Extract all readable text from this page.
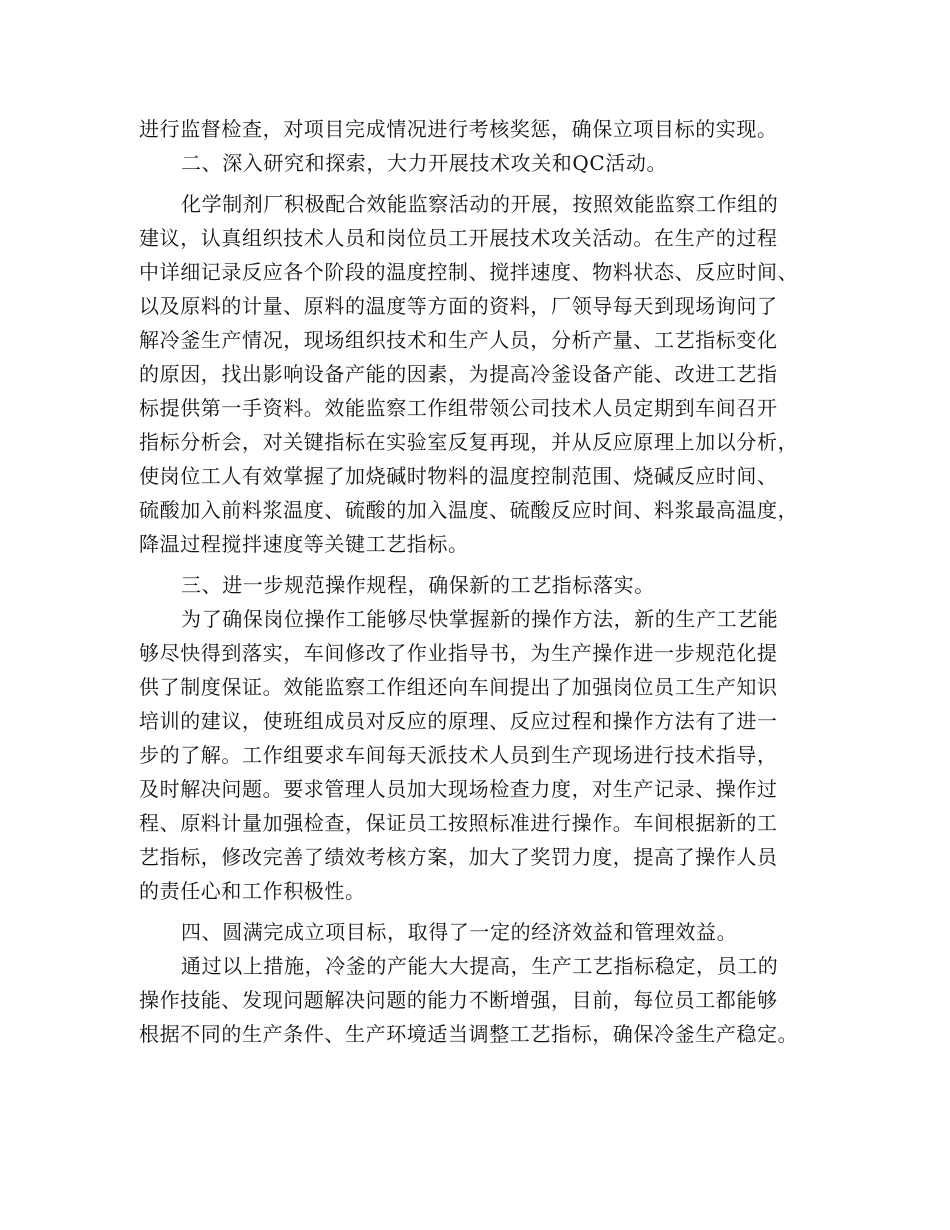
进行监督检查，对项目完成情况进行考核奖惩，确保立项目标的实现。
二、深入研究和探索，大力开展技术攻关和QC活动。
化学制剂厂积极配合效能监察活动的开展，按照效能监察工作组的
建议，认真组织技术人员和岗位员工开展技术攻关活动。在生产的过程
中详细记录反应各个阶段的温度控制、搅拌速度、物料状态、反应时间、
以及原料的计量、原料的温度等方面的资料，厂领导每天到现场询问了
解冷釜生产情况，现场组织技术和生产人员，分析产量、工艺指标变化
的原因，找出影响设备产能的因素，为提高冷釜设备产能、改进工艺指
标提供第一手资料。效能监察工作组带领公司技术人员定期到车间召开
指标分析会，对关键指标在实验室反复再现，并从反应原理上加以分析，
使岗位工人有效掌握了加烧碱时物料的温度控制范围、烧碱反应时间、
硫酸加入前料浆温度、硫酸的加入温度、硫酸反应时间、料浆最高温度，
降温过程搅拌速度等关键工艺指标。
三、进一步规范操作规程，确保新的工艺指标落实。
为了确保岗位操作工能够尽快掌握新的操作方法，新的生产工艺能
够尽快得到落实，车间修改了作业指导书，为生产操作进一步规范化提
供了制度保证。效能监察工作组还向车间提出了加强岗位员工生产知识
培训的建议，使班组成员对反应的原理、反应过程和操作方法有了进一
步的了解。工作组要求车间每天派技术人员到生产现场进行技术指导，
及时解决问题。要求管理人员加大现场检查力度，对生产记录、操作过
程、原料计量加强检查，保证员工按照标准进行操作。车间根据新的工
艺指标，修改完善了绩效考核方案，加大了奖罚力度，提高了操作人员
的责任心和工作积极性。
四、圆满完成立项目标，取得了一定的经济效益和管理效益。
通过以上措施，冷釜的产能大大提高，生产工艺指标稳定，员工的
操作技能、发现问题解决问题的能力不断增强，目前，每位员工都能够
根据不同的生产条件、生产环境适当调整工艺指标，确保冷釜生产稳定。
